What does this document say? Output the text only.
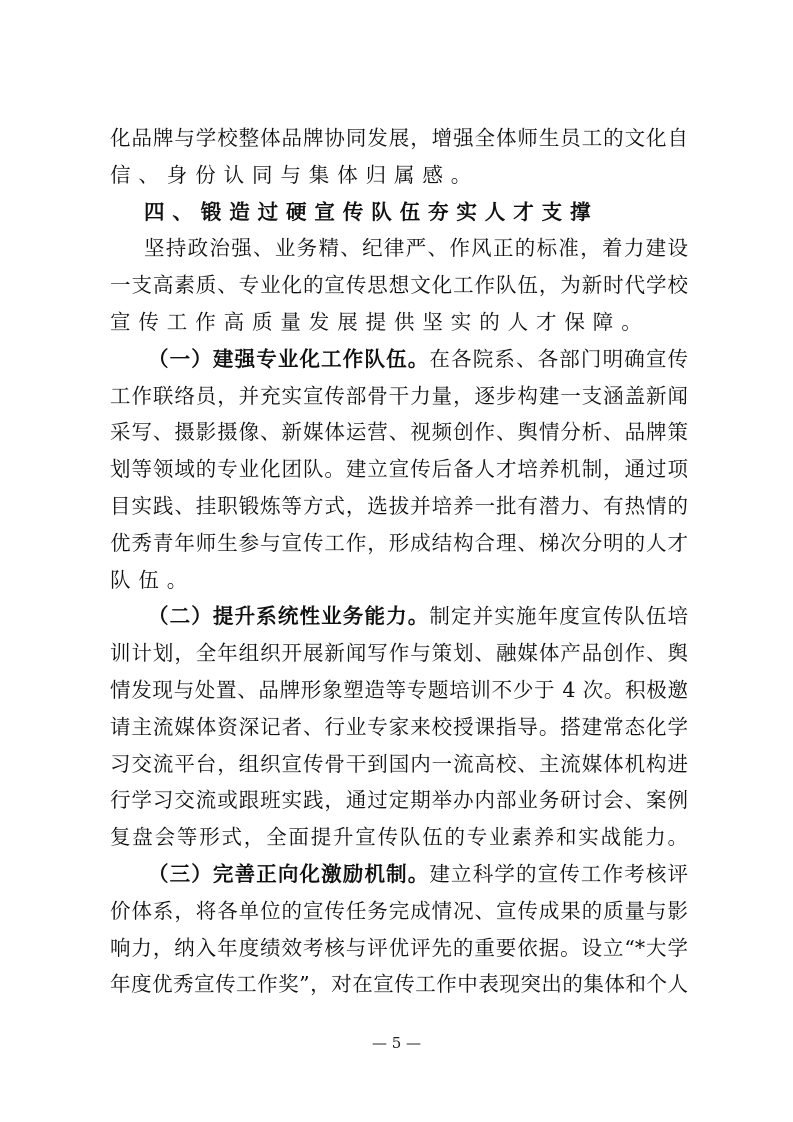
化品牌与学校整体品牌协同发展，增强全体师生员工的文化自
信、身份认同与集体归属感。
四、锻造过硬宣传队伍夯实人才支撑
坚持政治强、业务精、纪律严、作风正的标准，着力建设
一支高素质、专业化的宣传思想文化工作队伍，为新时代学校
宣传工作高质量发展提供坚实的人才保障。
（一）建强专业化工作队伍。在各院系、各部门明确宣传
工作联络员，并充实宣传部骨干力量，逐步构建一支涵盖新闻
采写、摄影摄像、新媒体运营、视频创作、舆情分析、品牌策
划等领域的专业化团队。建立宣传后备人才培养机制，通过项
目实践、挂职锻炼等方式，选拔并培养一批有潜力、有热情的
优秀青年师生参与宣传工作，形成结构合理、梯次分明的人才
队伍。
（二）提升系统性业务能力。制定并实施年度宣传队伍培
训计划，全年组织开展新闻写作与策划、融媒体产品创作、舆
情发现与处置、品牌形象塑造等专题培训不少于 4 次。积极邀
请主流媒体资深记者、行业专家来校授课指导。搭建常态化学
习交流平台，组织宣传骨干到国内一流高校、主流媒体机构进
行学习交流或跟班实践，通过定期举办内部业务研讨会、案例
复盘会等形式，全面提升宣传队伍的专业素养和实战能力。
（三）完善正向化激励机制。建立科学的宣传工作考核评
价体系，将各单位的宣传任务完成情况、宣传成果的质量与影
响力，纳入年度绩效考核与评优评先的重要依据。设立“*大学
年度优秀宣传工作奖”，对在宣传工作中表现突出的集体和个人
— 5 —
